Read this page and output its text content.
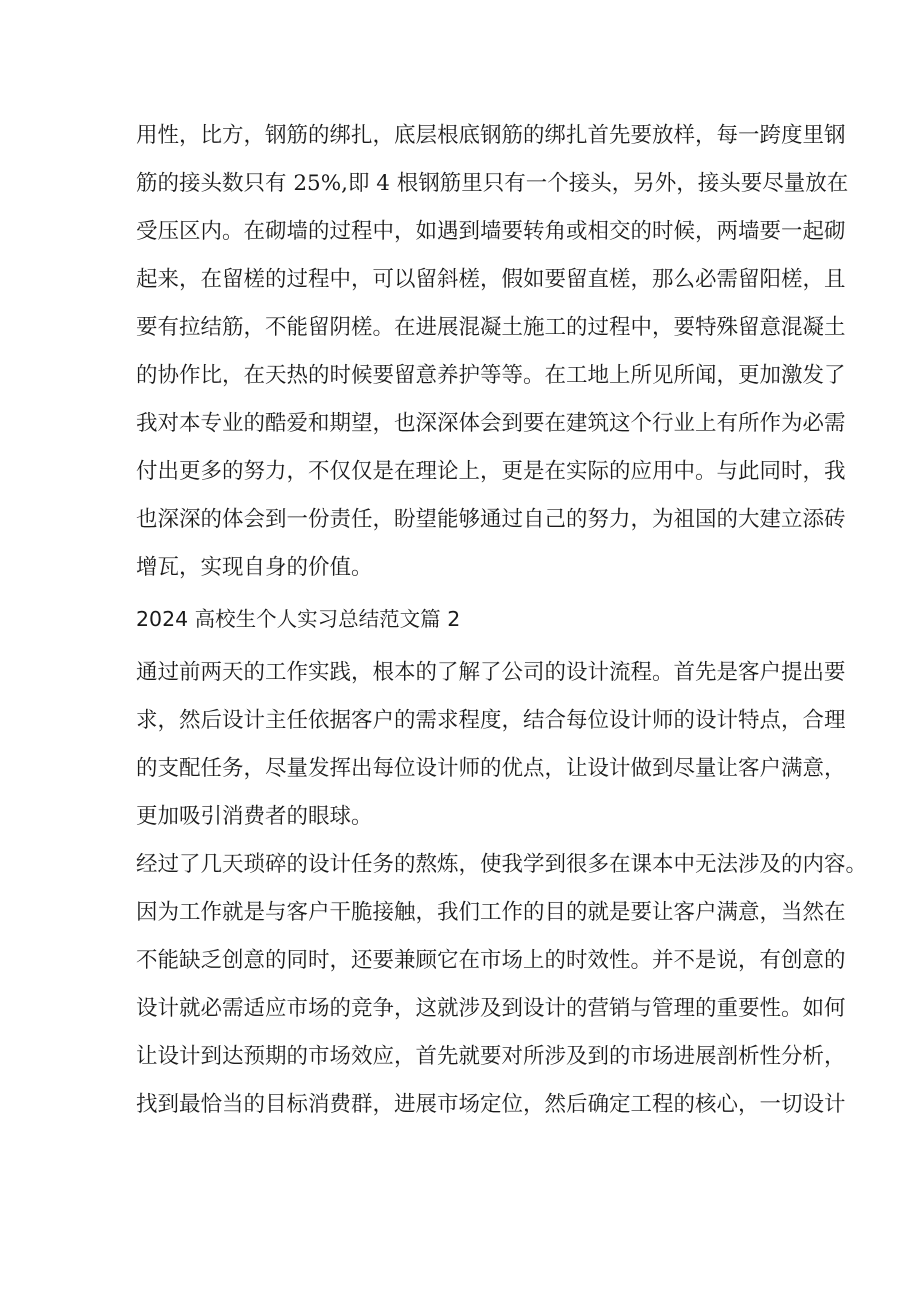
用性，比方，钢筋的绑扎，底层根底钢筋的绑扎首先要放样，每一跨度里钢
筋的接头数只有 25%,即 4 根钢筋里只有一个接头，另外，接头要尽量放在
受压区内。在砌墙的过程中，如遇到墙要转角或相交的时候，两墙要一起砌
起来，在留槎的过程中，可以留斜槎，假如要留直槎，那么必需留阳槎，且
要有拉结筋，不能留阴槎。在进展混凝土施工的过程中，要特殊留意混凝土
的协作比，在天热的时候要留意养护等等。在工地上所见所闻，更加激发了
我对本专业的酷爱和期望，也深深体会到要在建筑这个行业上有所作为必需
付出更多的努力，不仅仅是在理论上，更是在实际的应用中。与此同时，我
也深深的体会到一份责任，盼望能够通过自己的努力，为祖国的大建立添砖
增瓦，实现自身的价值。
2024 高校生个人实习总结范文篇 2
通过前两天的工作实践，根本的了解了公司的设计流程。首先是客户提出要
求，然后设计主任依据客户的需求程度，结合每位设计师的设计特点，合理
的支配任务，尽量发挥出每位设计师的优点，让设计做到尽量让客户满意，
更加吸引消费者的眼球。
经过了几天琐碎的设计任务的熬炼，使我学到很多在课本中无法涉及的内容。
因为工作就是与客户干脆接触，我们工作的目的就是要让客户满意，当然在
不能缺乏创意的同时，还要兼顾它在市场上的时效性。并不是说，有创意的
设计就必需适应市场的竞争，这就涉及到设计的营销与管理的重要性。如何
让设计到达预期的市场效应，首先就要对所涉及到的市场进展剖析性分析，
找到最恰当的目标消费群，进展市场定位，然后确定工程的核心，一切设计
